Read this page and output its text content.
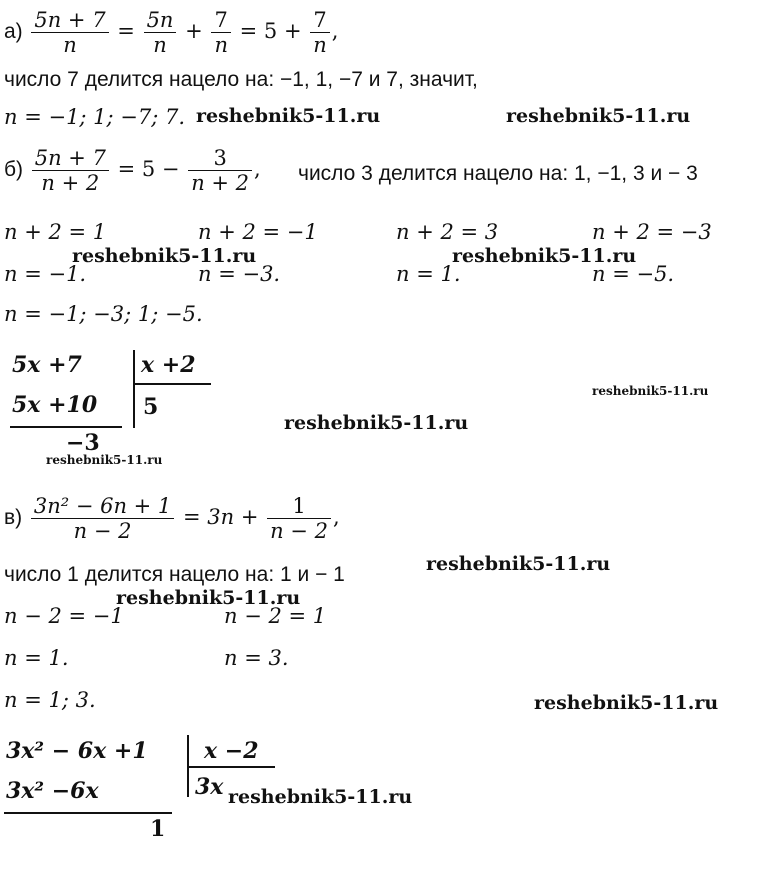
$а) \frac{5n + 7}{n} = \frac{5n}{n} + \frac{7}{n} = 5 + \frac{7}{n}$ ,
число 7 делится нацело на: −1, 1, −7 и 7, значит,
n = −1; 1; −7; 7. reshebnik5-11.ru	reshebnik5-11.ru
$б) \frac{5n + 7}{n + 2} = 5 - \frac{3}{n + 2}$ , число 3 делится нацело на: 1, −1, 3 и − 3
n + 2 = 1	n + 2 = −1	n + 2 = 3	n + 2 = −3
n = −1.	n = −3.	n = 1.	n = −5.
reshebnik5-11.ru	reshebnik5-11.ru
n = −1; −3; 1; −5.
5x +7	x +2
5x +10 5
−3
reshebnik5-11.ru
reshebnik5-11.ru
reshebnik5-11.ru
$в) \frac{\text{3n² − 6n + 1}}{n - 2} = 3n + \frac{1}{n - 2}$ ,
число 1 делится нацело на: 1 и − 1	reshebnik5-11.ru
n − 2 = −1	n − 2 = 1
reshebnik5-11.ru
n = 1.	n = 3.
n = 1; 3.	reshebnik5-11.ru
3x² − 6x +1	x −2
3x² −6x	3x
1
reshebnik5-11.ru
